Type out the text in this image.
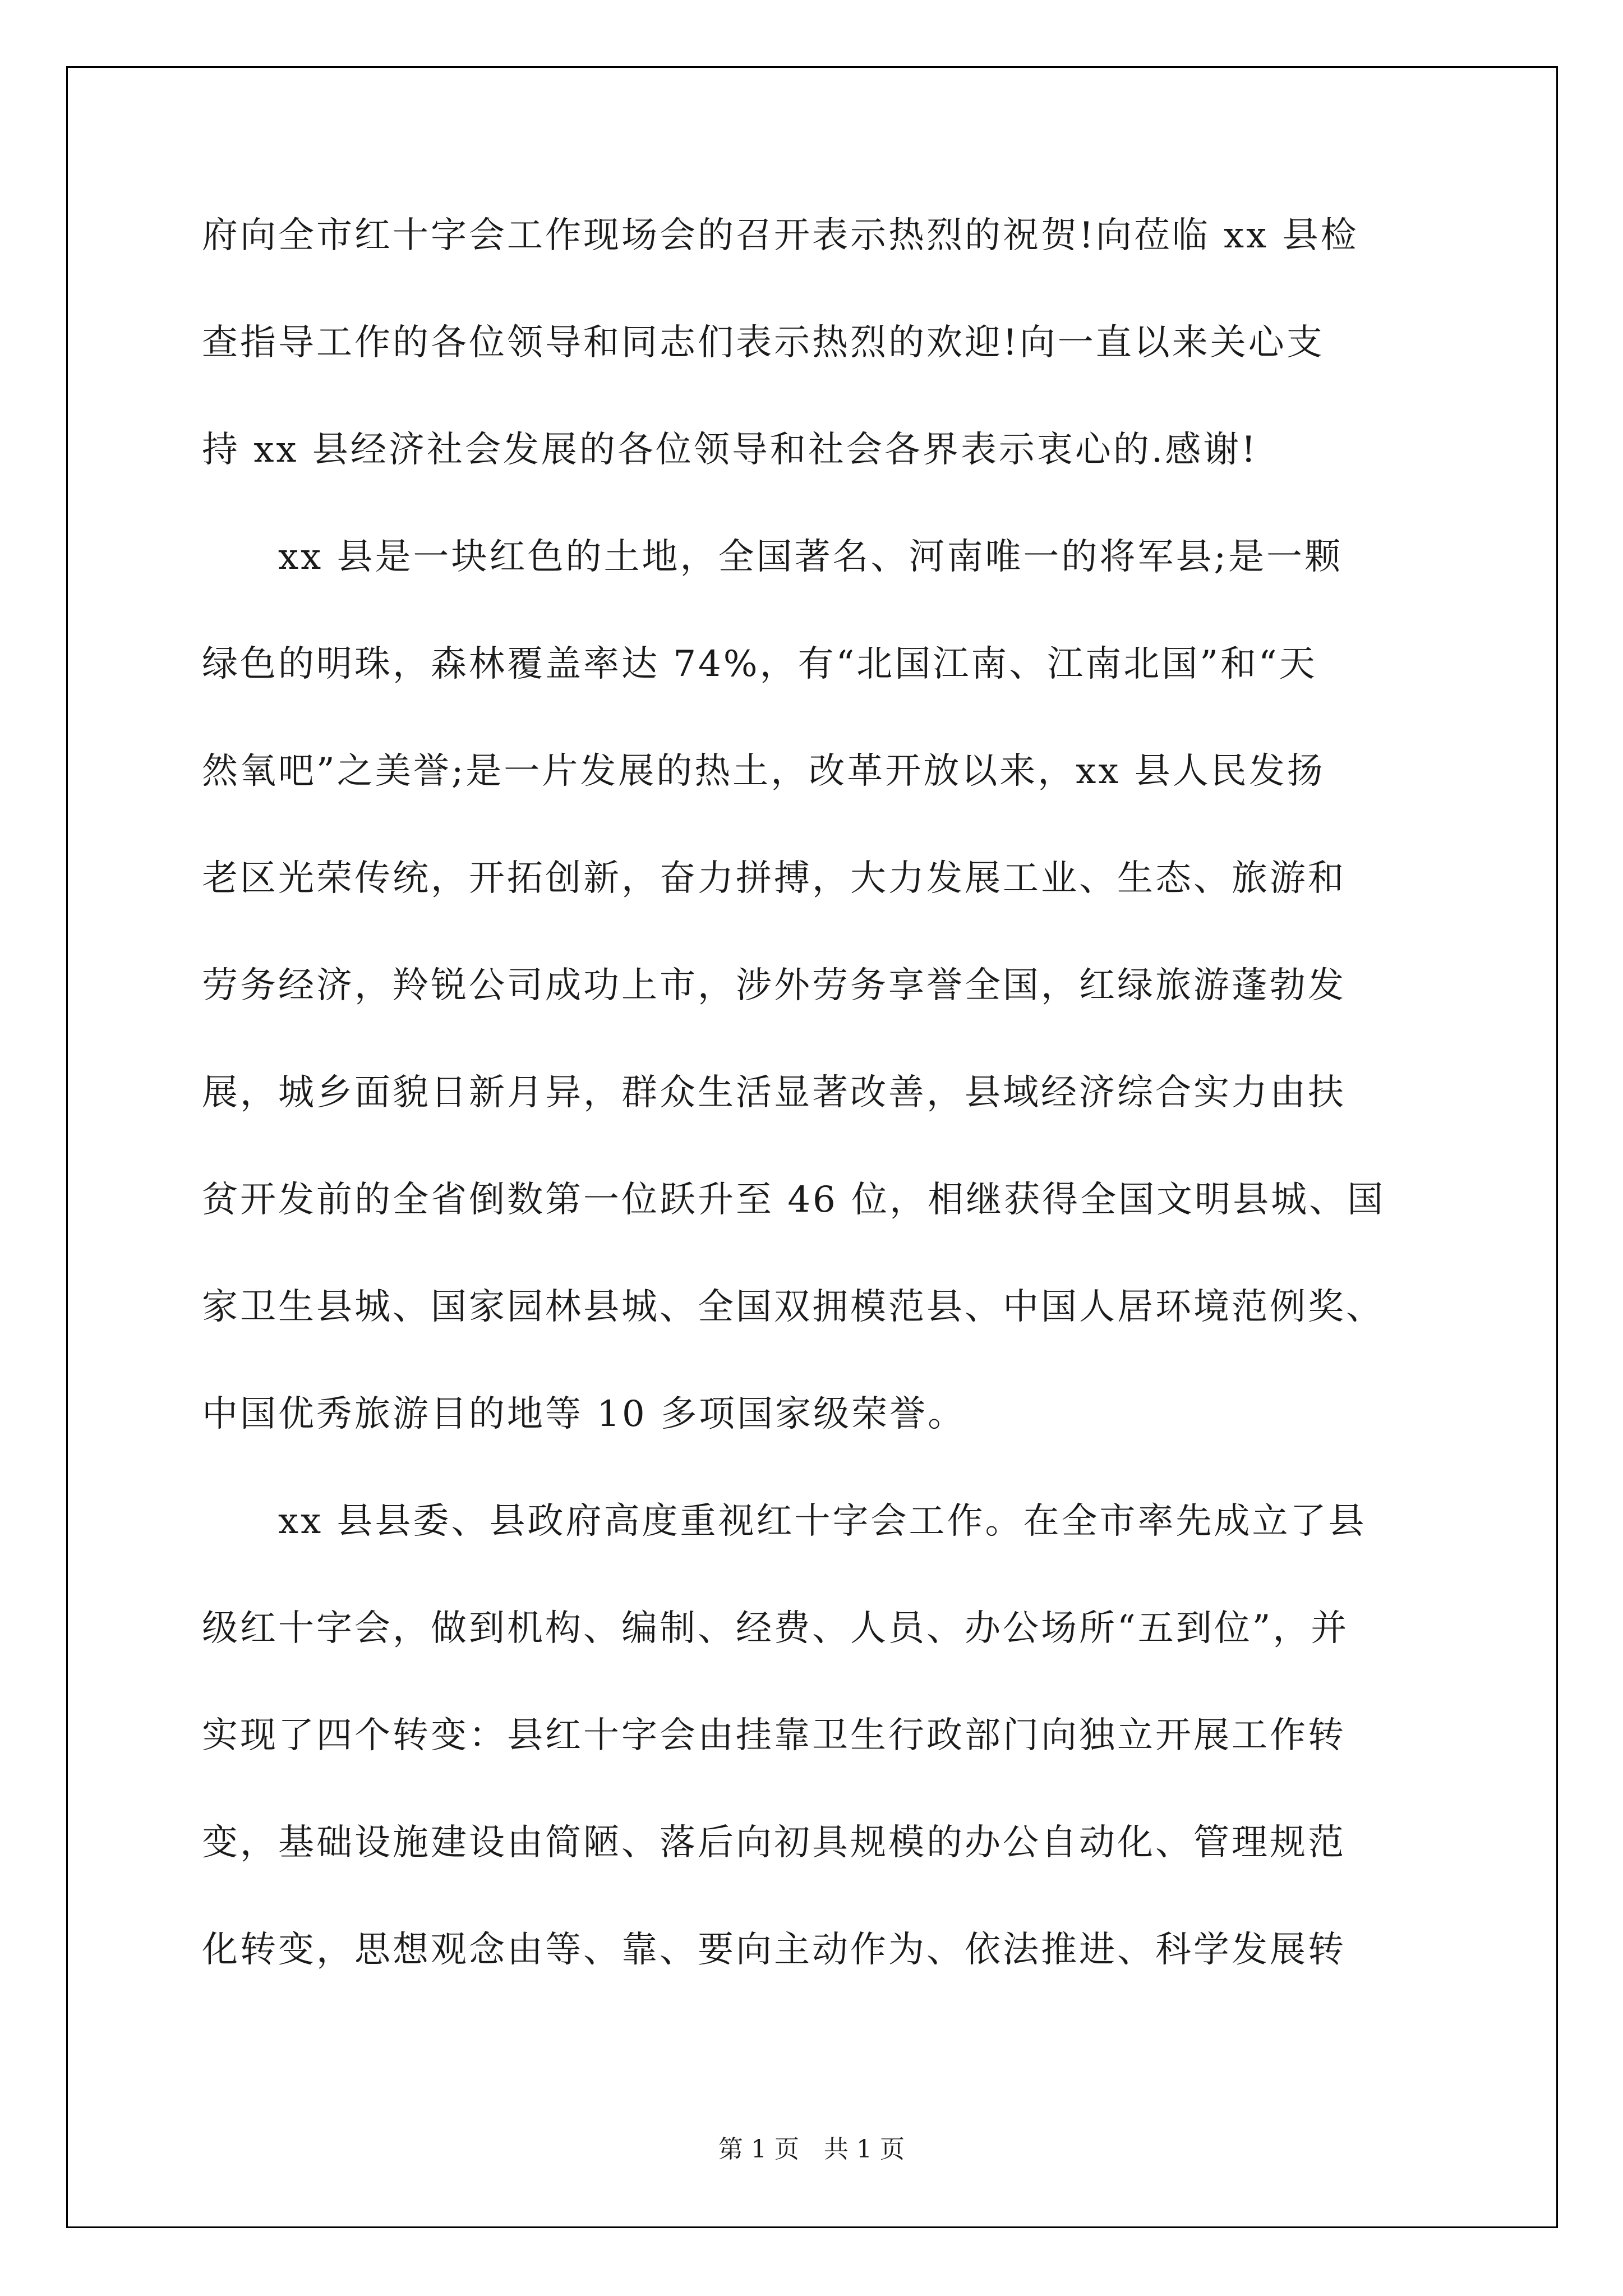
府向全市红十字会工作现场会的召开表示热烈的祝贺!向莅临 xx 县检
查指导工作的各位领导和同志们表示热烈的欢迎!向一直以来关心支
持 xx 县经济社会发展的各位领导和社会各界表示衷心的.感谢!
　　xx 县是一块红色的土地，全国著名、河南唯一的将军县;是一颗
绿色的明珠，森林覆盖率达 74%，有“北国江南、江南北国”和“天
然氧吧”之美誉;是一片发展的热土，改革开放以来，xx 县人民发扬
老区光荣传统，开拓创新，奋力拼搏，大力发展工业、生态、旅游和
劳务经济，羚锐公司成功上市，涉外劳务享誉全国，红绿旅游蓬勃发
展，城乡面貌日新月异，群众生活显著改善，县域经济综合实力由扶
贫开发前的全省倒数第一位跃升至 46 位，相继获得全国文明县城、国
家卫生县城、国家园林县城、全国双拥模范县、中国人居环境范例奖、
中国优秀旅游目的地等 10 多项国家级荣誉。
　　xx 县县委、县政府高度重视红十字会工作。在全市率先成立了县
级红十字会，做到机构、编制、经费、人员、办公场所“五到位”，并
实现了四个转变：县红十字会由挂靠卫生行政部门向独立开展工作转
变，基础设施建设由简陋、落后向初具规模的办公自动化、管理规范
化转变，思想观念由等、靠、要向主动作为、依法推进、科学发展转
第 1 页　共 1 页
